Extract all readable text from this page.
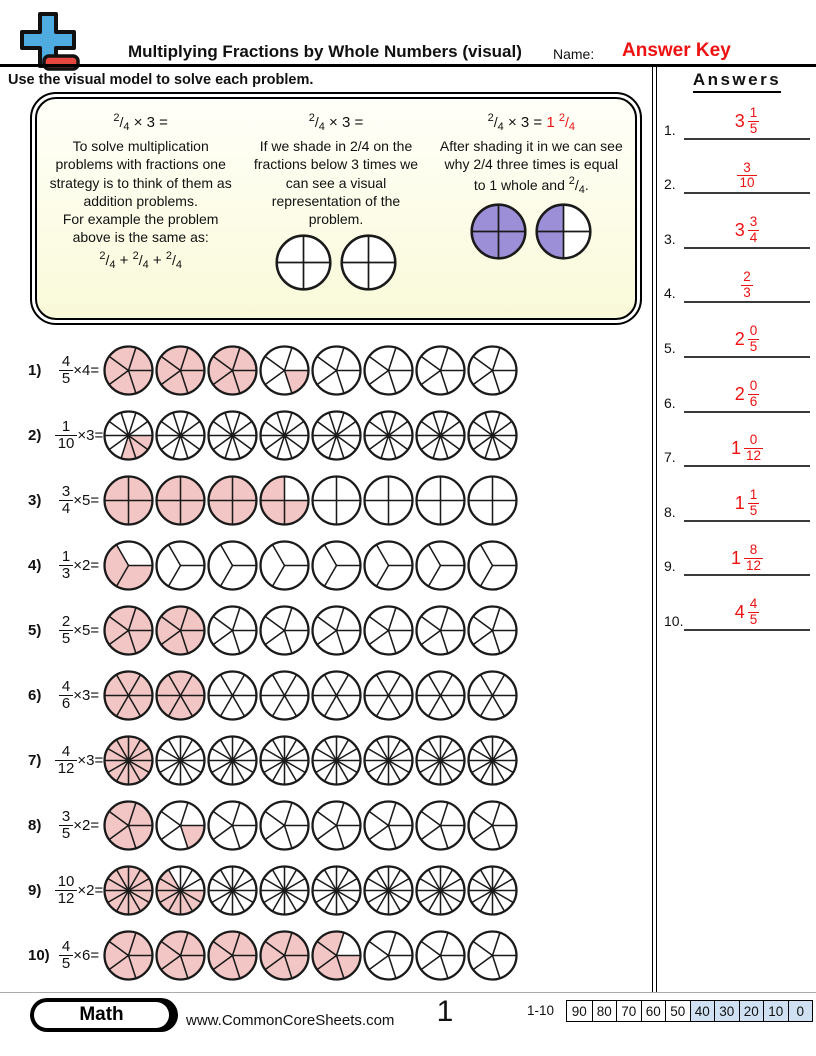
Multiplying Fractions by Whole Numbers (visual) Name: Answer Key
Use the visual model to solve each problem.
$^2/_4 \times 3$ =
To solve multiplication problems with fractions one strategy is to think of them as addition problems.
For example the problem above is the same as:
$^2/_4 + ^2/_4 + ^2/_4$
$^2/_4 \times 3$ =
If we shade in 2/4 on the fractions below 3 times we can see a visual representation of the problem.
$^2/_4 \times 3 = 1$ $^2/_4$
After shading it in we can see why 2/4 three times is equal to 1 whole and $^2/_4$.
1)	$\frac{4}{5} \times 4=$
$2) \frac{1}{10} \times 3=$
3)	$\frac{3}{4} \times 5=$
4)	$\frac{1}{3} \times 2=$
5)	$\frac{2}{5} \times 5=$
6)	$\frac{4}{6} \times 3=$
$7) \frac{4}{12} \times 3=$
8)	$\frac{3}{5} \times 2=$
$9) \frac{10}{12} \times 2=$
$10) \frac{4}{5} \times 6=$
Answers
1.	$3 \frac{1}{5}$
2.	$\frac{3}{10}$
3.	$3 \frac{3}{4}$
4.	$\frac{2}{3}$
5.	$2 \frac{0}{5}$
6.	$2 \frac{0}{6}$
7.	$1 \frac{0}{12}$
8.	$1 \frac{1}{5}$
9.	$1 \frac{8}{12}$
10.	$4 \frac{4}{5}$
Math	www.CommonCoreSheets.com 1	1-10	90 80 70 60 50 40 30 20 10 0
